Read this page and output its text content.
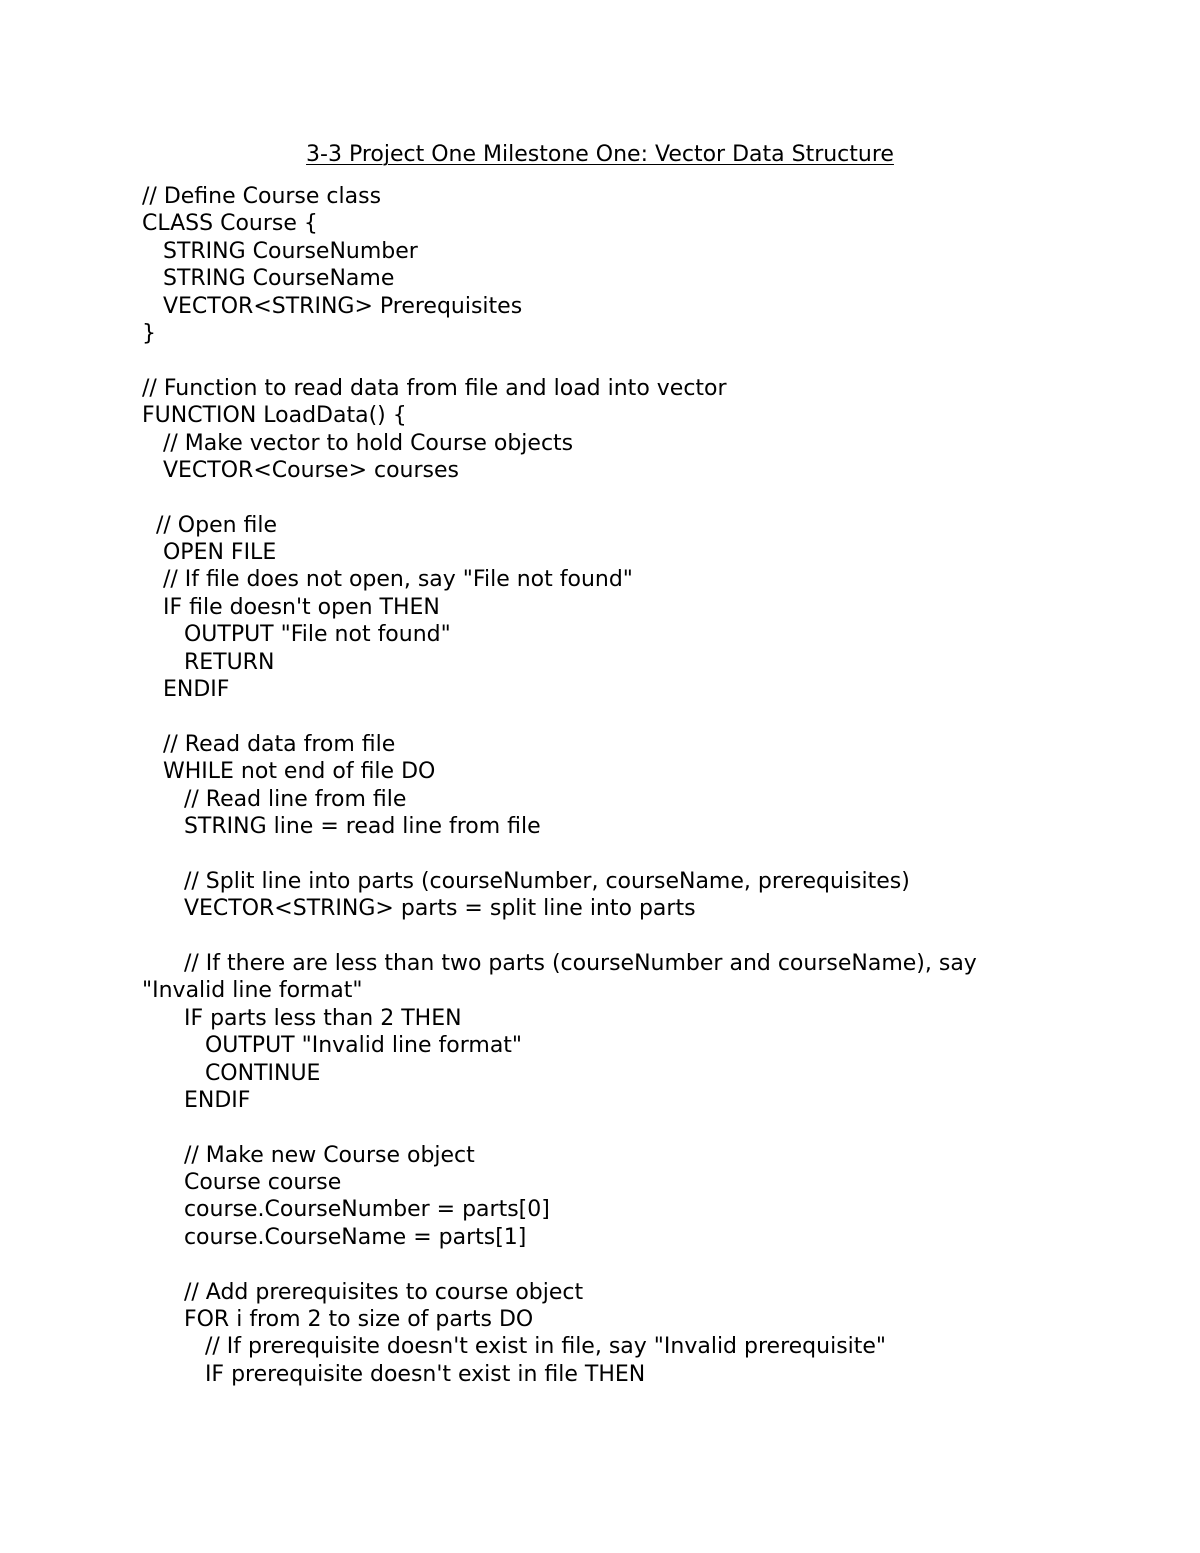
3-3 Project One Milestone One: Vector Data Structure
// Define Course class
CLASS Course {
STRING CourseNumber
STRING CourseName
VECTOR<STRING> Prerequisites
}
// Function to read data from file and load into vector
FUNCTION LoadData() {
// Make vector to hold Course objects
VECTOR<Course> courses
// Open file
OPEN FILE
// If file does not open, say "File not found"
IF file doesn't open THEN
OUTPUT "File not found"
RETURN
ENDIF
// Read data from file
WHILE not end of file DO
// Read line from file
STRING line = read line from file
// Split line into parts (courseNumber, courseName, prerequisites)
VECTOR<STRING> parts = split line into parts
// If there are less than two parts (courseNumber and courseName), say
"Invalid line format"
IF parts less than 2 THEN
OUTPUT "Invalid line format"
CONTINUE
ENDIF
// Make new Course object
Course course
course.CourseNumber = parts[0]
course.CourseName = parts[1]
// Add prerequisites to course object
FOR i from 2 to size of parts DO
// If prerequisite doesn't exist in file, say "Invalid prerequisite"
IF prerequisite doesn't exist in file THEN
